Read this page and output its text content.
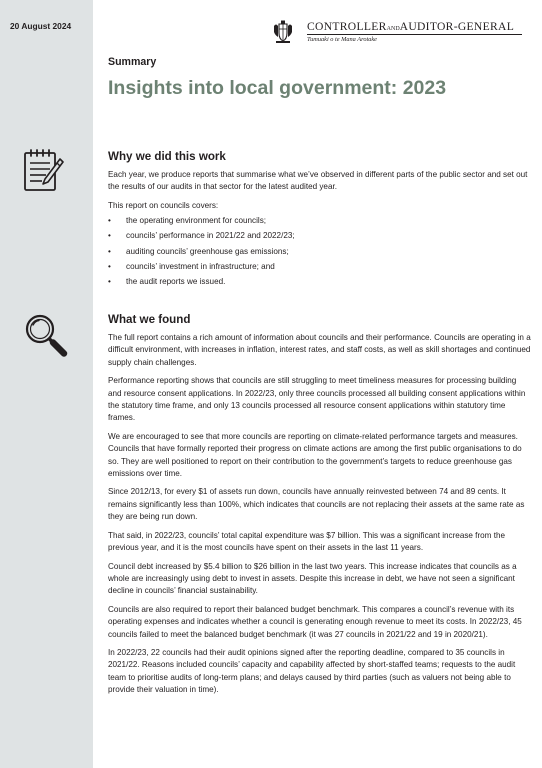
20 August 2024	CONTROLLERANDAUDITOR-GENERAL
Tumuaki o te Mana Arotake
Summary
Insights into local government: 2023
Why we did this work

Each year, we produce reports that summarise what we’ve observed in different parts of the public sector and set out the results of our audits in that sector for the latest audited year.

This report on councils covers:

• the operating environment for councils;
• councils’ performance in 2021/22 and 2022/23;
• auditing councils’ greenhouse gas emissions;
• councils’ investment in infrastructure; and
• the audit reports we issued.
What we found

The full report contains a rich amount of information about councils and their performance. Councils are operating in a difficult environment, with increases in inflation, interest rates, and staff costs, as well as skill shortages and continued supply chain challenges.

Performance reporting shows that councils are still struggling to meet timeliness measures for processing building and resource consent applications. In 2022/23, only three councils processed all building consent applications within the statutory time frame, and only 13 councils processed all resource consent applications within statutory time frames.

We are encouraged to see that more councils are reporting on climate-related performance targets and measures. Councils that have formally reported their progress on climate actions are among the first public organisations to do so. They are well positioned to report on their contribution to the government’s targets to reduce greenhouse gas emissions over time.

Since 2012/13, for every $1 of assets run down, councils have annually reinvested between 74 and 89 cents. It remains significantly less than 100%, which indicates that councils are not replacing their assets at the same rate as they are being run down.

That said, in 2022/23, councils’ total capital expenditure was $7 billion. This was a significant increase from the previous year, and it is the most councils have spent on their assets in the last 11 years.

Council debt increased by $5.4 billion to $26 billion in the last two years. This increase indicates that councils as a whole are increasingly using debt to invest in assets. Despite this increase in debt, we have not seen a significant decline in councils’ financial sustainability.

Councils are also required to report their balanced budget benchmark. This compares a council’s revenue with its operating expenses and indicates whether a council is generating enough revenue to meet its costs. In 2022/23, 45 councils failed to meet the balanced budget benchmark (it was 27 councils in 2021/22 and 19 in 2020/21).

In 2022/23, 22 councils had their audit opinions signed after the reporting deadline, compared to 35 councils in 2021/22. Reasons included councils’ capacity and capability affected by short-staffed teams; requests to the audit team to prioritise audits of long-term plans; and delays caused by third parties (such as valuers not being able to provide their valuation in time).
